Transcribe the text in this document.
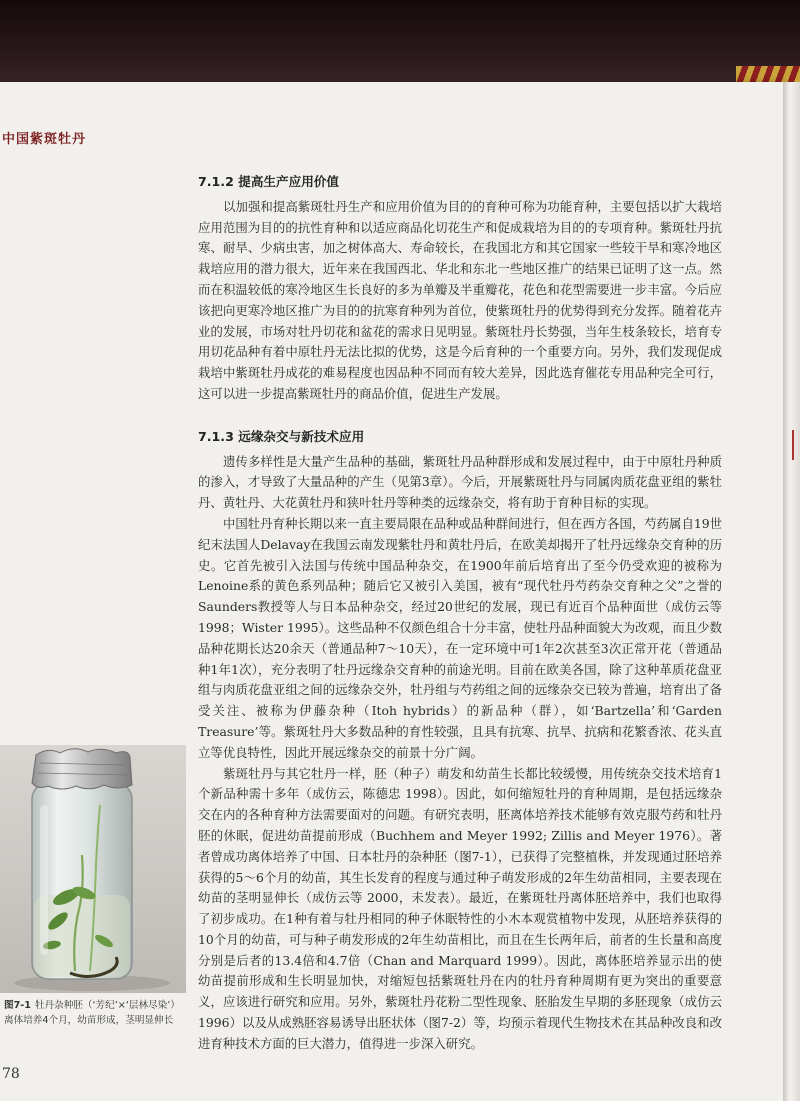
中国紫斑牡丹
7.1.2 提高生产应用价值

以加强和提高紫斑牡丹生产和应用价值为目的的育种可称为功能育种，主要包括以扩大栽培应用范围为目的的抗性育种和以适应商品化切花生产和促成栽培为目的的专项育种。紫斑牡丹抗寒、耐旱、少病虫害，加之树体高大、寿命较长，在我国北方和其它国家一些较干旱和寒冷地区栽培应用的潜力很大，近年来在我国西北、华北和东北一些地区推广的结果已证明了这一点。然而在积温较低的寒冷地区生长良好的多为单瓣及半重瓣花，花色和花型需要进一步丰富。今后应该把向更寒冷地区推广为目的的抗寒育种列为首位，使紫斑牡丹的优势得到充分发挥。随着花卉业的发展，市场对牡丹切花和盆花的需求日见明显。紫斑牡丹长势强，当年生枝条较长，培育专用切花品种有着中原牡丹无法比拟的优势，这是今后育种的一个重要方向。另外，我们发现促成栽培中紫斑牡丹成花的难易程度也因品种不同而有较大差异，因此选育催花专用品种完全可行，这可以进一步提高紫斑牡丹的商品价值，促进生产发展。

7.1.3 远缘杂交与新技术应用

遗传多样性是大量产生品种的基础，紫斑牡丹品种群形成和发展过程中，由于中原牡丹种质的渗入，才导致了大量品种的产生（见第3章）。今后，开展紫斑牡丹与同属肉质花盘亚组的紫牡丹、黄牡丹、大花黄牡丹和狭叶牡丹等种类的远缘杂交，将有助于育种目标的实现。

中国牡丹育种长期以来一直主要局限在品种或品种群间进行，但在西方各国，芍药属自19世纪末法国人Delavay在我国云南发现紫牡丹和黄牡丹后，在欧美却揭开了牡丹远缘杂交育种的历史。它首先被引入法国与传统中国品种杂交，在1900年前后培育出了至今仍受欢迎的被称为Lenoine系的黄色系列品种；随后它又被引入美国，被有“现代牡丹芍药杂交育种之父”之誉的Saunders教授等人与日本品种杂交，经过20世纪的发展，现已有近百个品种面世（成仿云等 1998；Wister 1995）。这些品种不仅颜色组合十分丰富，使牡丹品种面貌大为改观，而且少数品种花期长达20余天（普通品种7～10天），在一定环境中可1年2次甚至3次正常开花（普通品种1年1次），充分表明了牡丹远缘杂交育种的前途光明。目前在欧美各国，除了这种革质花盘亚组与肉质花盘亚组之间的远缘杂交外，牡丹组与芍药组之间的远缘杂交已较为普遍，培育出了备受关注、被称为伊藤杂种（Itoh hybrids）的新品种（群），如‘Bartzella’和‘Garden Treasure’等。紫斑牡丹大多数品种的育性较强，且具有抗寒、抗旱、抗病和花繁香浓、花头直立等优良特性，因此开展远缘杂交的前景十分广阔。

紫斑牡丹与其它牡丹一样，胚（种子）萌发和幼苗生长都比较缓慢，用传统杂交技术培育1个新品种需十多年（成仿云，陈德忠 1998）。因此，如何缩短牡丹的育种周期，是包括远缘杂交在内的各种育种方法需要面对的问题。有研究表明，胚离体培养技术能够有效克服芍药和牡丹胚的休眠，促进幼苗提前形成（Buchhem and Meyer 1992; Zillis and Meyer 1976）。著者曾成功离体培养了中国、日本牡丹的杂种胚（图7-1），已获得了完整植株，并发现通过胚培养获得的5～6个月的幼苗，其生长发育的程度与通过种子萌发形成的2年生幼苗相同，主要表现在幼苗的茎明显伸长（成仿云等 2000，未发表）。最近，在紫斑牡丹离体胚培养中，我们也取得了初步成功。在1种有着与牡丹相同的种子休眠特性的小木本观赏植物中发现，从胚培养获得的10个月的幼苗，可与种子萌发形成的2年生幼苗相比，而且在生长两年后，前者的生长量和高度分别是后者的13.4倍和4.7倍（Chan and Marquard 1999）。因此，离体胚培养显示出的使幼苗提前形成和生长明显加快，对缩短包括紫斑牡丹在内的牡丹育种周期有更为突出的重要意义，应该进行研究和应用。另外，紫斑牡丹花粉二型性现象、胚胎发生早期的多胚现象（成仿云 1996）以及从成熟胚容易诱导出胚状体（图7-2）等，均预示着现代生物技术在其品种改良和改进育种技术方面的巨大潜力，值得进一步深入研究。

图7-1 牡丹杂种胚（‘芳纪’×‘层林尽染’）离体培养4个月，幼苗形成，茎明显伸长
78
